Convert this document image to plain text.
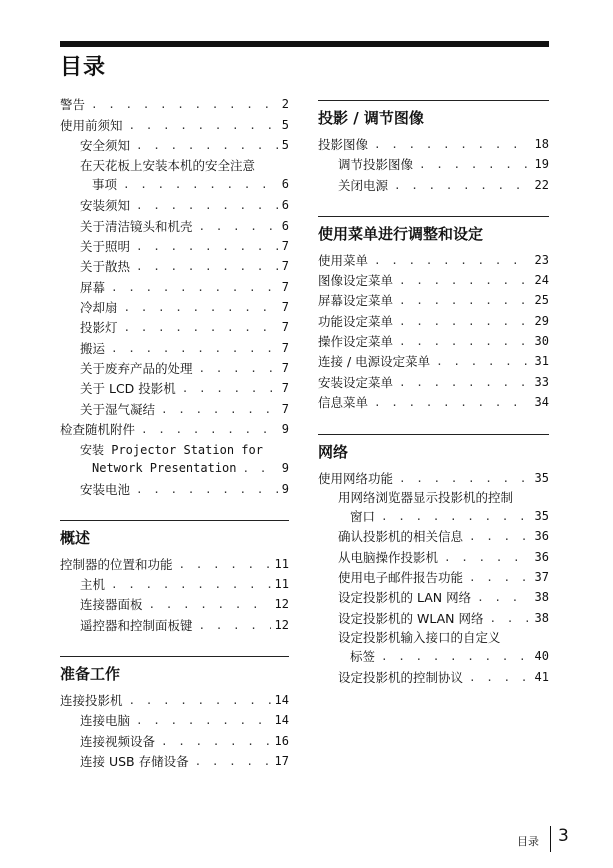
目录
警告 . . .	2
使用前须知 . . .	5
安全须知 . . .	5
在天花板上安装本机的安全注意
事项 . . .	6
安装须知 . . .	6
关于清洁镜头和机壳 . . .	6
关于照明 . . .	7
关于散热 . . .	7
屏幕 . . .	7
冷却扇 . . .	7
投影灯 . . .	7
搬运 . . .	7
关于废弃产品的处理 . . .	7
关于 LCD 投影机 . . .	7
关于湿气凝结 . . .	7
检查随机附件 . . .	9
安装 Projector Station for
Network Presentation . . .	9
安装电池 . . .	9
概述
控制器的位置和功能 . . .	11
主机 . . .	11
连接器面板 . . .	12
遥控器和控制面板键 . . .	12
准备工作
连接投影机 . . .	14
连接电脑 . . .	14
连接视频设备 . . .	16
连接 USB 存储设备 . . .	17
投影 / 调节图像
投影图像 . . .	18
调节投影图像 . . .	19
关闭电源 . . .	22
使用菜单进行调整和设定
使用菜单 . . .	23
图像设定菜单 . . .	24
屏幕设定菜单 . . .	25
功能设定菜单 . . .	29
操作设定菜单 . . .	30
连接 / 电源设定菜单 . . .	31
安装设定菜单 . . .	33
信息菜单 . . .	34
网络
使用网络功能 . . .	35
用网络浏览器显示投影机的控制
窗口 . . .	35
确认投影机的相关信息 . . .	36
从电脑操作投影机 . . .	36
使用电子邮件报告功能 . . .	37
设定投影机的 LAN 网络 . . .	38
设定投影机的 WLAN 网络 . . .	38
设定投影机输入接口的自定义
标签 . . .	40
设定投影机的控制协议 . . .	41
目录 3
